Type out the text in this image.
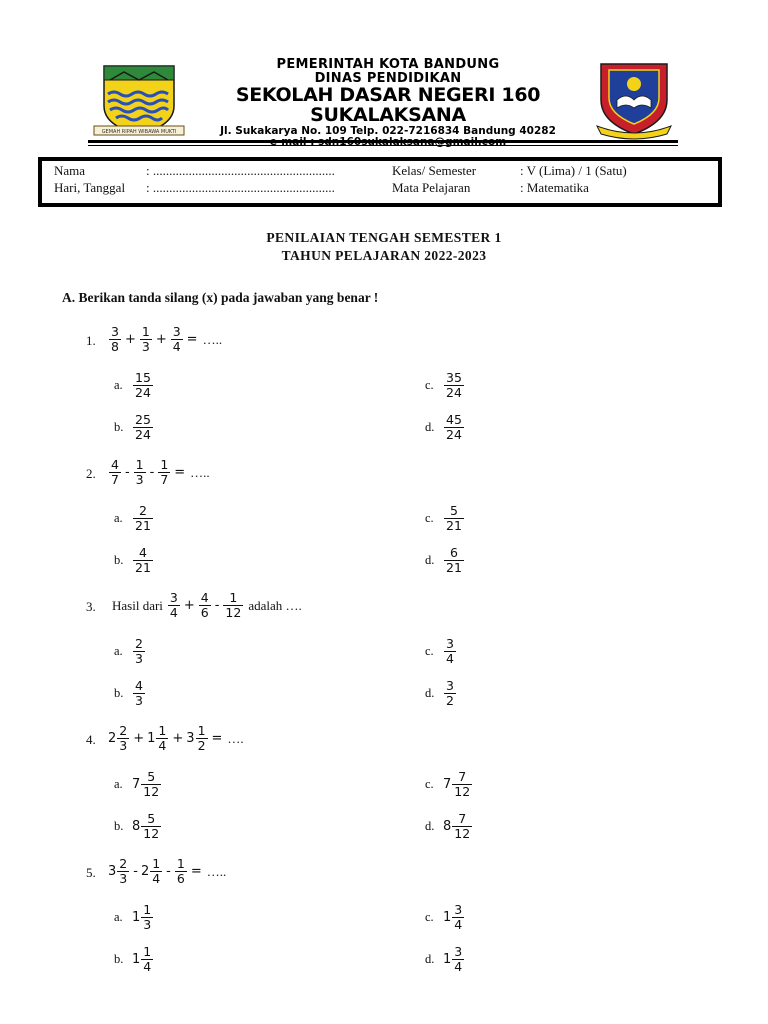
GEMAH RIPAH WIBAWA MUKTI
PEMERINTAH KOTA BANDUNG
DINAS PENDIDIKAN
SEKOLAH DASAR NEGERI 160 SUKALAKSANA
Jl. Sukakarya No. 109 Telp. 022-7216834 Bandung 40282
Nama	: ........................................................
Hari, Tanggal : ........................................................
Kelas/ Semester	: V (Lima) / 1 (Satu)
Mata Pelajaran	: Matematika
PENILAIAN TENGAH SEMESTER 1
TAHUN PELAJARAN 2022-2023
A. Berikan tanda silang (x) pada jawaban yang benar !
1. $\frac{3}{8} + \frac{1}{3} + \frac{3}{4}$ = …..
a. $\frac{15}{24}$
b. $\frac{25}{24}$
c. $\frac{35}{24}$
d. $\frac{45}{24}$
2. $\frac{4}{7} - \frac{1}{3} - \frac{1}{7}$ = …..
a. $\frac{2}{21}$
b. $\frac{4}{21}$
c. $\frac{5}{21}$
d. $\frac{6}{21}$
3. Hasil dari $\frac{3}{4} + \frac{4}{6} - \frac{1}{12}$ adalah ….
a. $\frac{2}{3}$
b. $\frac{4}{3}$
c. $\frac{3}{4}$
d. $\frac{3}{2}$
4. $2 \frac{2}{3} + 1 \frac{1}{4} + 3 \frac{1}{2}$ = ….
a. $7 \frac{5}{12}$
b. $8 \frac{5}{12}$
c. $7 \frac{7}{12}$
d. $8 \frac{7}{12}$
5. $3 \frac{2}{3} - 2 \frac{1}{4} - \frac{1}{6}$ = …..
a. $1 \frac{1}{3}$
b. $1 \frac{1}{4}$
c. $1 \frac{3}{4}$
d. $1 \frac{3}{4}$
